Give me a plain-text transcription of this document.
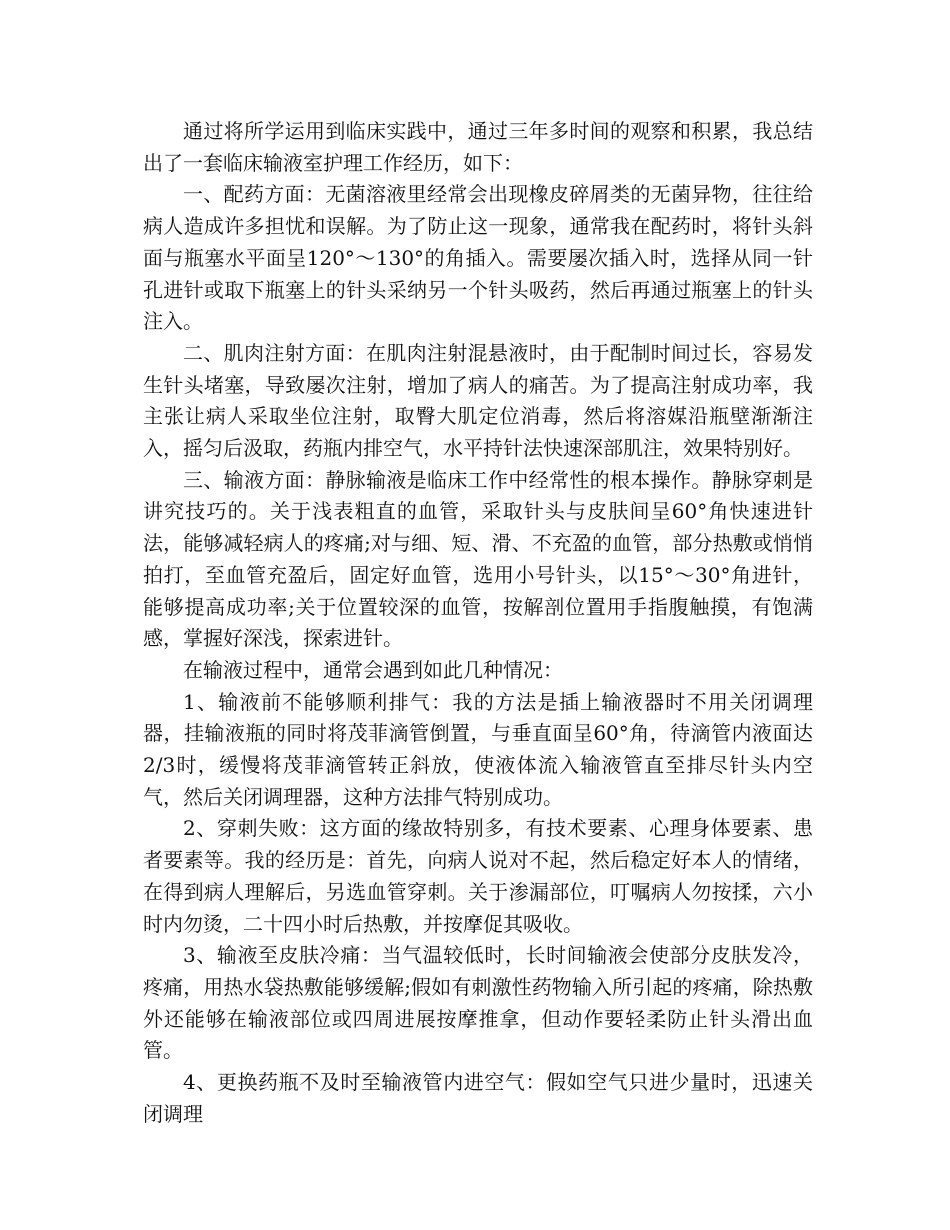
通过将所学运用到临床实践中，通过三年多时间的观察和积累，我总结出了一套临床输液室护理工作经历，如下：

一、配药方面：无菌溶液里经常会出现橡皮碎屑类的无菌异物，往往给病人造成许多担忧和误解。为了防止这一现象，通常我在配药时，将针头斜面与瓶塞水平面呈120°～130°的角插入。需要屡次插入时，选择从同一针孔进针或取下瓶塞上的针头采纳另一个针头吸药，然后再通过瓶塞上的针头注入。

二、肌肉注射方面：在肌肉注射混悬液时，由于配制时间过长，容易发生针头堵塞，导致屡次注射，增加了病人的痛苦。为了提高注射成功率，我主张让病人采取坐位注射，取臀大肌定位消毒，然后将溶媒沿瓶壁渐渐注入，摇匀后汲取，药瓶内排空气，水平持针法快速深部肌注，效果特别好。

三、输液方面：静脉输液是临床工作中经常性的根本操作。静脉穿刺是讲究技巧的。关于浅表粗直的血管，采取针头与皮肤间呈60°角快速进针法，能够减轻病人的疼痛;对与细、短、滑、不充盈的血管，部分热敷或悄悄拍打，至血管充盈后，固定好血管，选用小号针头，以15°～30°角进针，能够提高成功率;关于位置较深的血管，按解剖位置用手指腹触摸，有饱满感，掌握好深浅，探索进针。

在输液过程中，通常会遇到如此几种情况：

1、输液前不能够顺利排气：我的方法是插上输液器时不用关闭调理器，挂输液瓶的同时将茂菲滴管倒置，与垂直面呈60°角，待滴管内液面达2/3时，缓慢将茂菲滴管转正斜放，使液体流入输液管直至排尽针头内空气，然后关闭调理器，这种方法排气特别成功。

2、穿刺失败：这方面的缘故特别多，有技术要素、心理身体要素、患者要素等。我的经历是：首先，向病人说对不起，然后稳定好本人的情绪，在得到病人理解后，另选血管穿刺。关于渗漏部位，叮嘱病人勿按揉，六小时内勿烫，二十四小时后热敷，并按摩促其吸收。

3、输液至皮肤冷痛：当气温较低时，长时间输液会使部分皮肤发冷，疼痛，用热水袋热敷能够缓解;假如有刺激性药物输入所引起的疼痛，除热敷外还能够在输液部位或四周进展按摩推拿，但动作要轻柔防止针头滑出血管。

4、更换药瓶不及时至输液管内进空气：假如空气只进少量时，迅速关闭调理
